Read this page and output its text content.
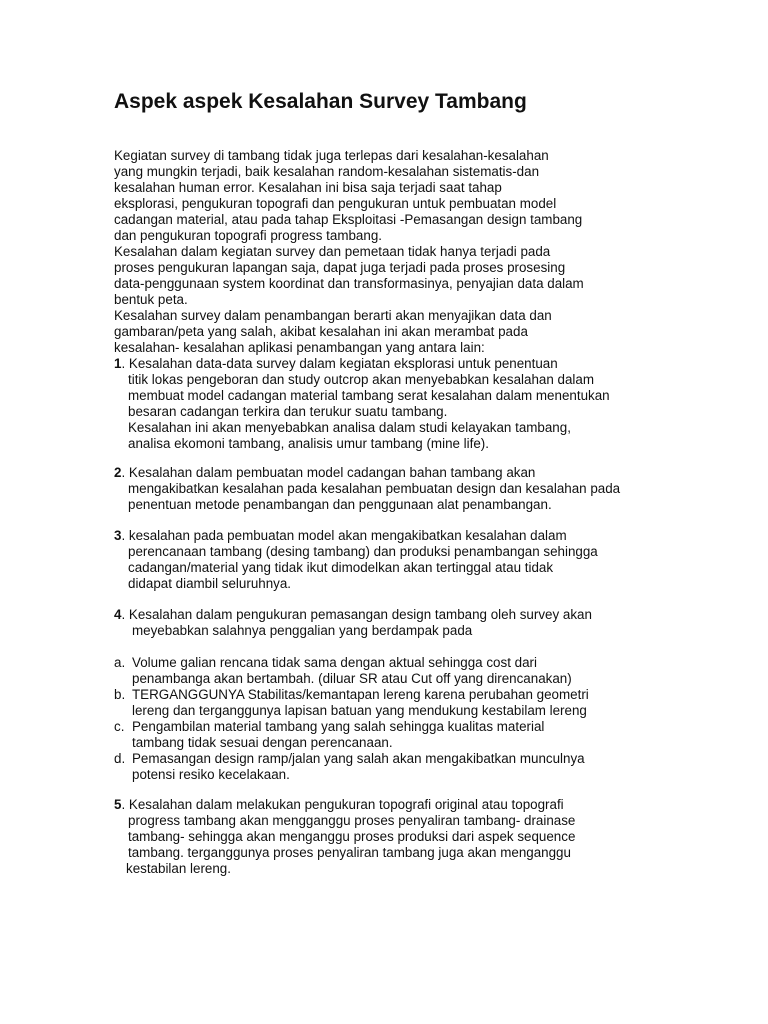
Aspek aspek Kesalahan Survey Tambang
Kegiatan survey di tambang tidak juga terlepas dari kesalahan-kesalahan
yang mungkin terjadi, baik kesalahan random-kesalahan sistematis-dan
kesalahan human error. Kesalahan ini bisa saja terjadi saat tahap
eksplorasi, pengukuran topografi dan pengukuran untuk pembuatan model
cadangan material, atau pada tahap Eksploitasi -Pemasangan design tambang
dan pengukuran topografi progress tambang.
Kesalahan dalam kegiatan survey dan pemetaan tidak hanya terjadi pada
proses pengukuran lapangan saja, dapat juga terjadi pada proses prosesing
data-penggunaan system koordinat dan transformasinya, penyajian data dalam
bentuk peta.
Kesalahan survey dalam penambangan berarti akan menyajikan data dan
gambaran/peta yang salah, akibat kesalahan ini akan merambat pada
kesalahan- kesalahan aplikasi penambangan yang antara lain:
1 . Kesalahan data-data survey dalam kegiatan eksplorasi untuk penentuan
titik lokas pengeboran dan study outcrop akan menyebabkan kesalahan dalam
membuat model cadangan material tambang serat kesalahan dalam menentukan
besaran cadangan terkira dan terukur suatu tambang.
Kesalahan ini akan menyebabkan analisa dalam studi kelayakan tambang,
analisa ekomoni tambang, analisis umur tambang (mine life).
2 . Kesalahan dalam pembuatan model cadangan bahan tambang akan
mengakibatkan kesalahan pada kesalahan pembuatan design dan kesalahan pada
penentuan metode penambangan dan penggunaan alat penambangan.
3 . kesalahan pada pembuatan model akan mengakibatkan kesalahan dalam
perencanaan tambang (desing tambang) dan produksi penambangan sehingga
cadangan/material yang tidak ikut dimodelkan akan tertinggal atau tidak
didapat diambil seluruhnya.
4 . Kesalahan dalam pengukuran pemasangan design tambang oleh survey akan
meyebabkan salahnya penggalian yang berdampak pada
a. Volume galian rencana tidak sama dengan aktual sehingga cost dari
penambanga akan bertambah. (diluar SR atau Cut off yang direncanakan)
b. TERGANGGUNYA Stabilitas/kemantapan lereng karena perubahan geometri
lereng dan terganggunya lapisan batuan yang mendukung kestabilam lereng
c. Pengambilan material tambang yang salah sehingga kualitas material
tambang tidak sesuai dengan perencanaan.
d. Pemasangan design ramp/jalan yang salah akan mengakibatkan munculnya
potensi resiko kecelakaan.
5 . Kesalahan dalam melakukan pengukuran topografi original atau topografi
progress tambang akan mengganggu proses penyaliran tambang- drainase
tambang- sehingga akan menganggu proses produksi dari aspek sequence
tambang. terganggunya proses penyaliran tambang juga akan menganggu
kestabilan lereng.
